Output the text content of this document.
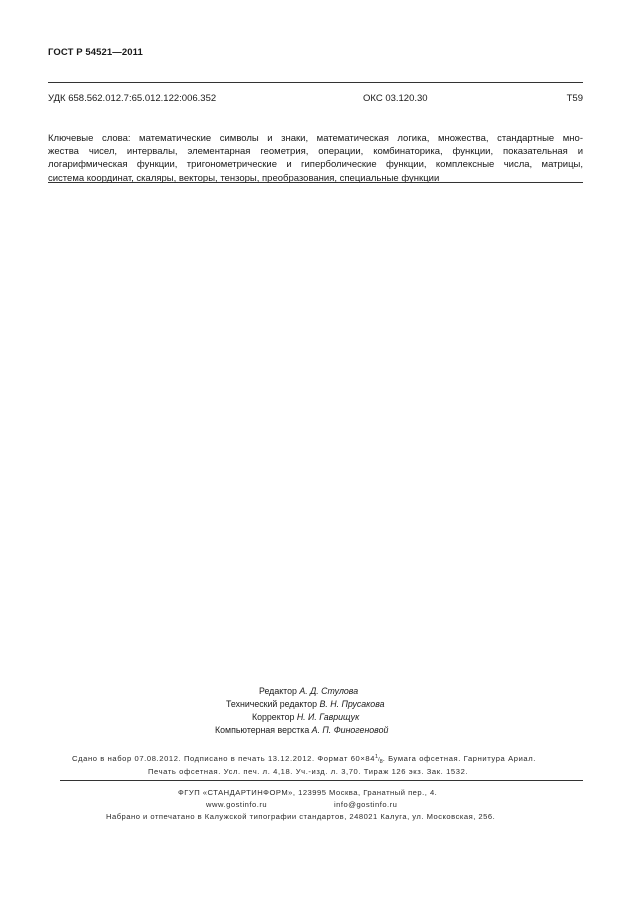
ГОСТ Р 54521—2011
УДК 658.562.012.7:65.012.122:006.352	ОКС 03.120.30	Т59
Ключевые слова: математические символы и знаки, математическая логика, множества, стандартные мно-
жества чисел, интервалы, элементарная геометрия, операции, комбинаторика, функции, показательная и
логарифмическая функции, тригонометрические и гиперболические функции, комплексные числа, матрицы,
система координат, скаляры, векторы, тензоры, преобразования, специальные функции
Редактор А. Д. Стулова
Технический редактор В. Н. Прусакова
Корректор Н. И. Гаврищук
Компьютерная верстка А. П. Финогеновой
Сдано в набор 07.08.2012. Подписано в печать 13.12.2012. Формат $60\times 84^1/_8$. Бумага офсетная. Гарнитура Ариал.
Печать офсетная. Усл. печ. л. 4,18. Уч.-изд. л. 3,70. Тираж 126 экз. Зак. 1532.
ФГУП «СТАНДАРТИНФОРМ», 123995 Москва, Гранатный пер., 4.
www.gostinfo.ru	info@gostinfo.ru
Набрано и отпечатано в Калужской типографии стандартов, 248021 Калуга, ул. Московская, 256.
